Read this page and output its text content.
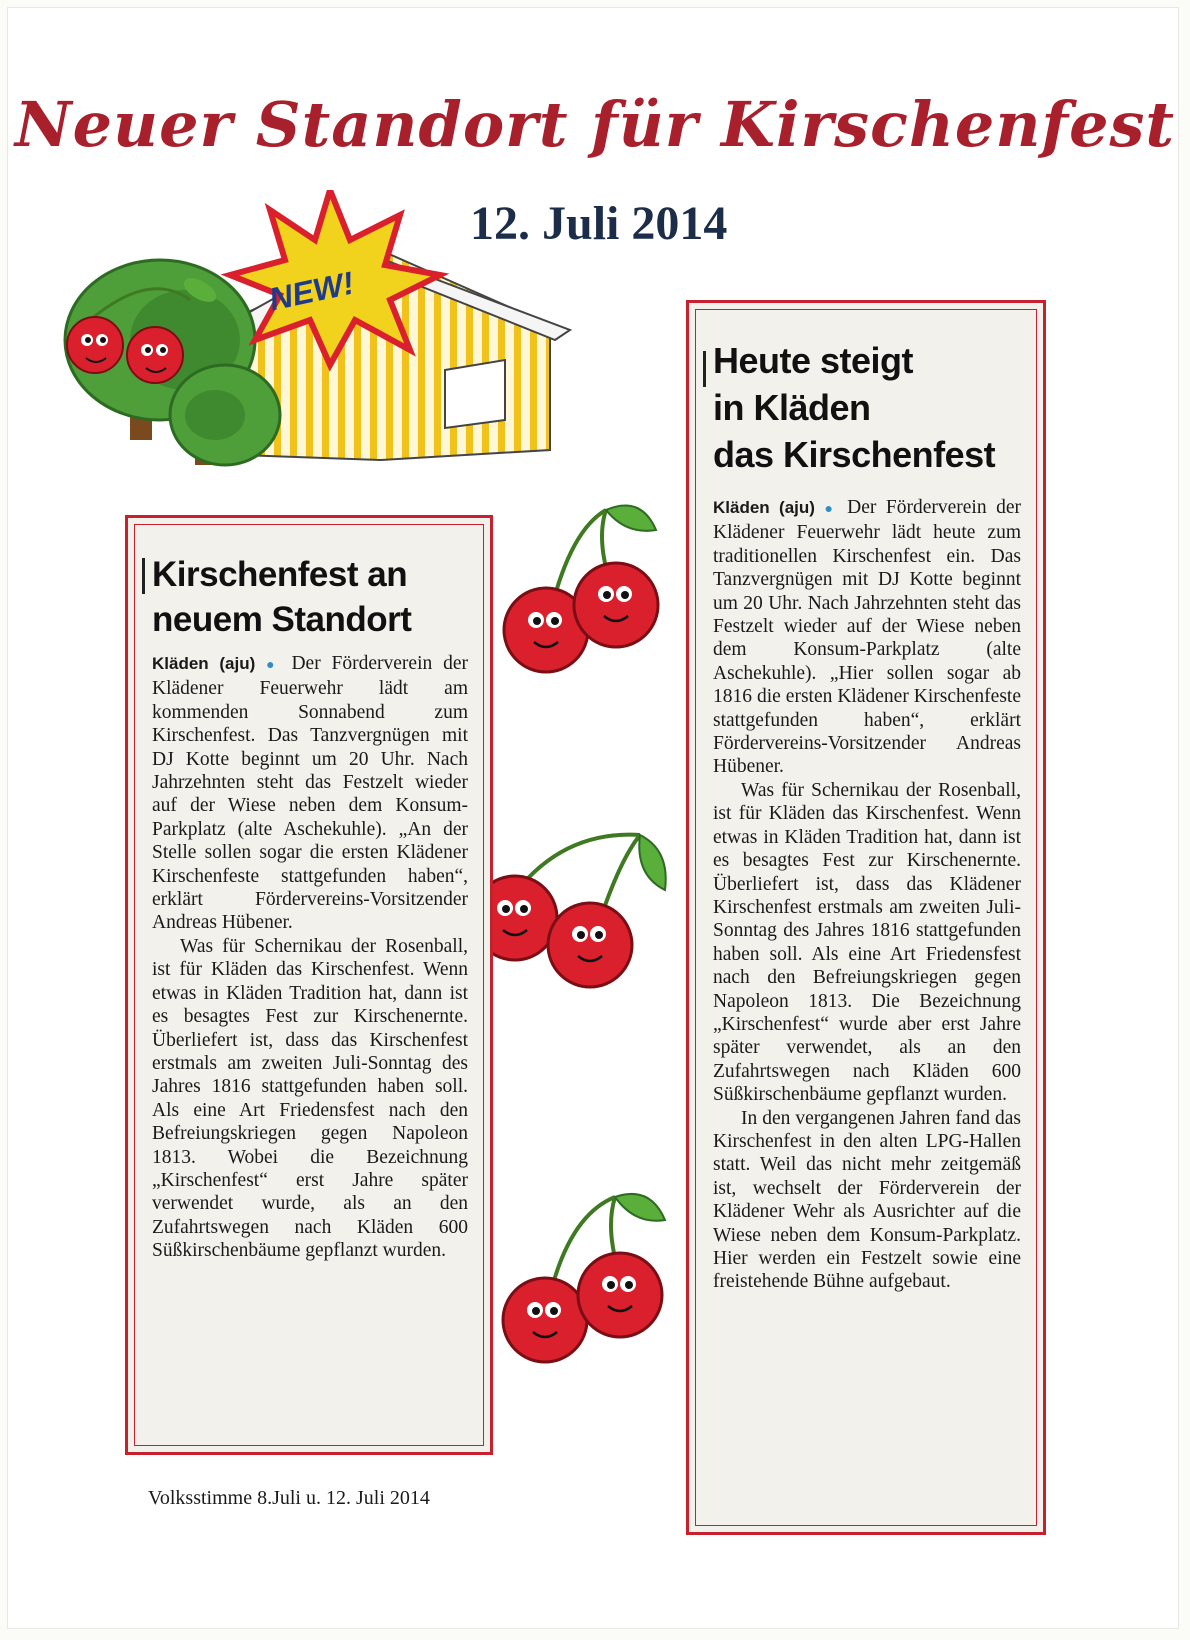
Neuer Standort für Kirschenfest
12. Juli 2014
NEW!
Kirschenfest an
neuem Standort

Kläden (aju) ● Der Förderverein der Klädener Feuerwehr lädt am kommenden Sonnabend zum Kirschenfest. Das Tanzvergnügen mit DJ Kotte beginnt um 20 Uhr. Nach Jahrzehnten steht das Festzelt wieder auf der Wiese neben dem Konsum-Parkplatz (alte Aschekuhle). „An der Stelle sollen sogar die ersten Klädener Kirschenfeste stattgefunden haben“, erklärt Fördervereins-Vorsitzender Andreas Hübener.

Was für Schernikau der Rosenball, ist für Kläden das Kirschenfest. Wenn etwas in Kläden Tradition hat, dann ist es besagtes Fest zur Kirschenernte. Überliefert ist, dass das Kirschenfest erstmals am zweiten Juli-Sonntag des Jahres 1816 stattgefunden haben soll. Als eine Art Friedensfest nach den Befreiungskriegen gegen Napoleon 1813. Wobei die Bezeichnung „Kirschenfest“ erst Jahre später verwendet wurde, als an den Zufahrtswegen nach Kläden 600 Süßkirschenbäume gepflanzt wurden.

Heute steigt
in Kläden
das Kirschenfest

Kläden (aju) ● Der Förderverein der Klädener Feuerwehr lädt heute zum traditionellen Kirschenfest ein. Das Tanzvergnügen mit DJ Kotte beginnt um 20 Uhr. Nach Jahrzehnten steht das Festzelt wieder auf der Wiese neben dem Konsum-Parkplatz (alte Aschekuhle). „Hier sollen sogar ab 1816 die ersten Klädener Kirschenfeste stattgefunden haben“, erklärt Fördervereins-Vorsitzender Andreas Hübener.

Was für Schernikau der Rosenball, ist für Kläden das Kirschenfest. Wenn etwas in Kläden Tradition hat, dann ist es besagtes Fest zur Kirschenernte. Überliefert ist, dass das Klädener Kirschenfest erstmals am zweiten Juli-Sonntag des Jahres 1816 stattgefunden haben soll. Als eine Art Friedensfest nach den Befreiungskriegen gegen Napoleon 1813. Die Bezeichnung „Kirschenfest“ wurde aber erst Jahre später verwendet, als an den Zufahrtswegen nach Kläden 600 Süßkirschenbäume gepflanzt wurden.

In den vergangenen Jahren fand das Kirschenfest in den alten LPG-Hallen statt. Weil das nicht mehr zeitgemäß ist, wechselt der Förderverein der Klädener Wehr als Ausrichter auf die Wiese neben dem Konsum-Parkplatz. Hier werden ein Festzelt sowie eine freistehende Bühne aufgebaut.

Volksstimme 8.Juli u. 12. Juli 2014
